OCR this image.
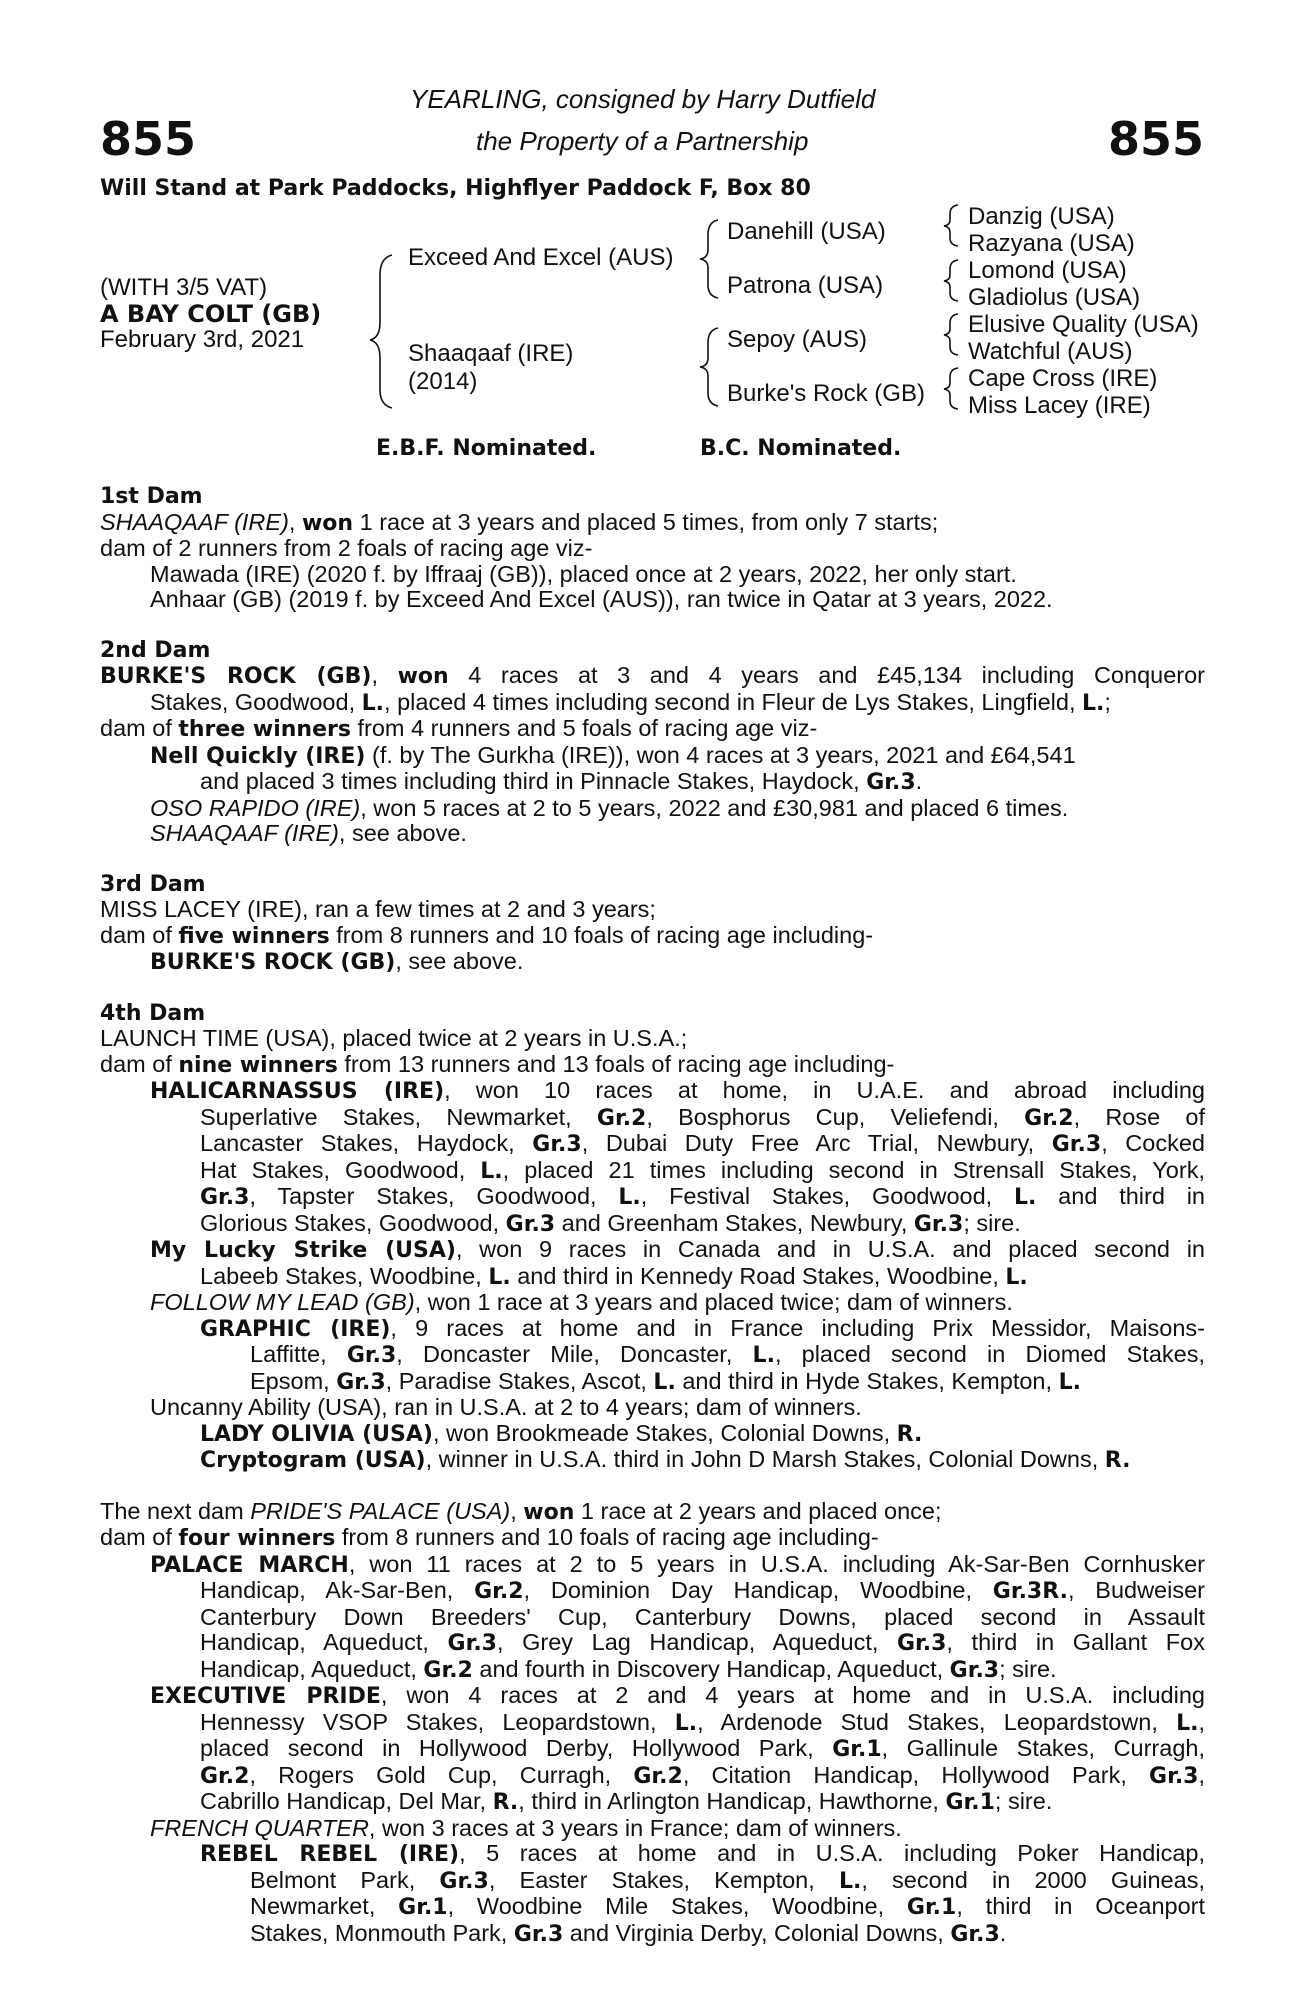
855	855
YEARLING, consigned by Harry Dutfield
the Property of a Partnership
Will Stand at Park Paddocks, Highflyer Paddock F, Box 80
(WITH 3/5 VAT)
A BAY COLT (GB)
February 3rd, 2021
Exceed And Excel (AUS)
Shaaqaaf (IRE)
(2014)
Danehill (USA)
Patrona (USA)
Sepoy (AUS)
Burke's Rock (GB)
Danzig (USA)
Razyana (USA)
Lomond (USA)
Gladiolus (USA)
Elusive Quality (USA)
Watchful (AUS)
Cape Cross (IRE)
Miss Lacey (IRE)
E.B.F. Nominated.	B.C. Nominated.
1st Dam
SHAAQAAF (IRE), won 1 race at 3 years and placed 5 times, from only 7 starts;
dam of 2 runners from 2 foals of racing age viz-
Mawada (IRE) (2020 f. by Iffraaj (GB)), placed once at 2 years, 2022, her only start.
Anhaar (GB) (2019 f. by Exceed And Excel (AUS)), ran twice in Qatar at 3 years, 2022.
2nd Dam
BURKE'S ROCK (GB), won 4 races at 3 and 4 years and £45,134 including Conqueror
Stakes, Goodwood, L., placed 4 times including second in Fleur de Lys Stakes, Lingfield, L.;
dam of three winners from 4 runners and 5 foals of racing age viz-
Nell Quickly (IRE) (f. by The Gurkha (IRE)), won 4 races at 3 years, 2021 and £64,541
and placed 3 times including third in Pinnacle Stakes, Haydock, Gr.3.
OSO RAPIDO (IRE), won 5 races at 2 to 5 years, 2022 and £30,981 and placed 6 times.
SHAAQAAF (IRE), see above.
3rd Dam
MISS LACEY (IRE), ran a few times at 2 and 3 years;
dam of five winners from 8 runners and 10 foals of racing age including-
BURKE'S ROCK (GB), see above.
4th Dam
LAUNCH TIME (USA), placed twice at 2 years in U.S.A.;
dam of nine winners from 13 runners and 13 foals of racing age including-
HALICARNASSUS (IRE), won 10 races at home, in U.A.E. and abroad including
Superlative Stakes, Newmarket, Gr.2, Bosphorus Cup, Veliefendi, Gr.2, Rose of
Lancaster Stakes, Haydock, Gr.3, Dubai Duty Free Arc Trial, Newbury, Gr.3, Cocked
Hat Stakes, Goodwood, L., placed 21 times including second in Strensall Stakes, York,
Gr.3, Tapster Stakes, Goodwood, L., Festival Stakes, Goodwood, L. and third in
Glorious Stakes, Goodwood, Gr.3 and Greenham Stakes, Newbury, Gr.3; sire.
My Lucky Strike (USA), won 9 races in Canada and in U.S.A. and placed second in
Labeeb Stakes, Woodbine, L. and third in Kennedy Road Stakes, Woodbine, L.
FOLLOW MY LEAD (GB), won 1 race at 3 years and placed twice; dam of winners.
GRAPHIC (IRE), 9 races at home and in France including Prix Messidor, Maisons-
Laffitte, Gr.3, Doncaster Mile, Doncaster, L., placed second in Diomed Stakes,
Epsom, Gr.3, Paradise Stakes, Ascot, L. and third in Hyde Stakes, Kempton, L.
Uncanny Ability (USA), ran in U.S.A. at 2 to 4 years; dam of winners.
LADY OLIVIA (USA), won Brookmeade Stakes, Colonial Downs, R.
Cryptogram (USA), winner in U.S.A. third in John D Marsh Stakes, Colonial Downs, R.
The next dam PRIDE'S PALACE (USA), won 1 race at 2 years and placed once;
dam of four winners from 8 runners and 10 foals of racing age including-
PALACE MARCH, won 11 races at 2 to 5 years in U.S.A. including Ak-Sar-Ben Cornhusker
Handicap, Ak-Sar-Ben, Gr.2, Dominion Day Handicap, Woodbine, Gr.3R., Budweiser
Canterbury Down Breeders' Cup, Canterbury Downs, placed second in Assault
Handicap, Aqueduct, Gr.3, Grey Lag Handicap, Aqueduct, Gr.3, third in Gallant Fox
Handicap, Aqueduct, Gr.2 and fourth in Discovery Handicap, Aqueduct, Gr.3; sire.
EXECUTIVE PRIDE, won 4 races at 2 and 4 years at home and in U.S.A. including
Hennessy VSOP Stakes, Leopardstown, L., Ardenode Stud Stakes, Leopardstown, L.,
placed second in Hollywood Derby, Hollywood Park, Gr.1, Gallinule Stakes, Curragh,
Gr.2, Rogers Gold Cup, Curragh, Gr.2, Citation Handicap, Hollywood Park, Gr.3,
Cabrillo Handicap, Del Mar, R., third in Arlington Handicap, Hawthorne, Gr.1; sire.
FRENCH QUARTER, won 3 races at 3 years in France; dam of winners.
REBEL REBEL (IRE), 5 races at home and in U.S.A. including Poker Handicap,
Belmont Park, Gr.3, Easter Stakes, Kempton, L., second in 2000 Guineas,
Newmarket, Gr.1, Woodbine Mile Stakes, Woodbine, Gr.1, third in Oceanport
Stakes, Monmouth Park, Gr.3 and Virginia Derby, Colonial Downs, Gr.3.
